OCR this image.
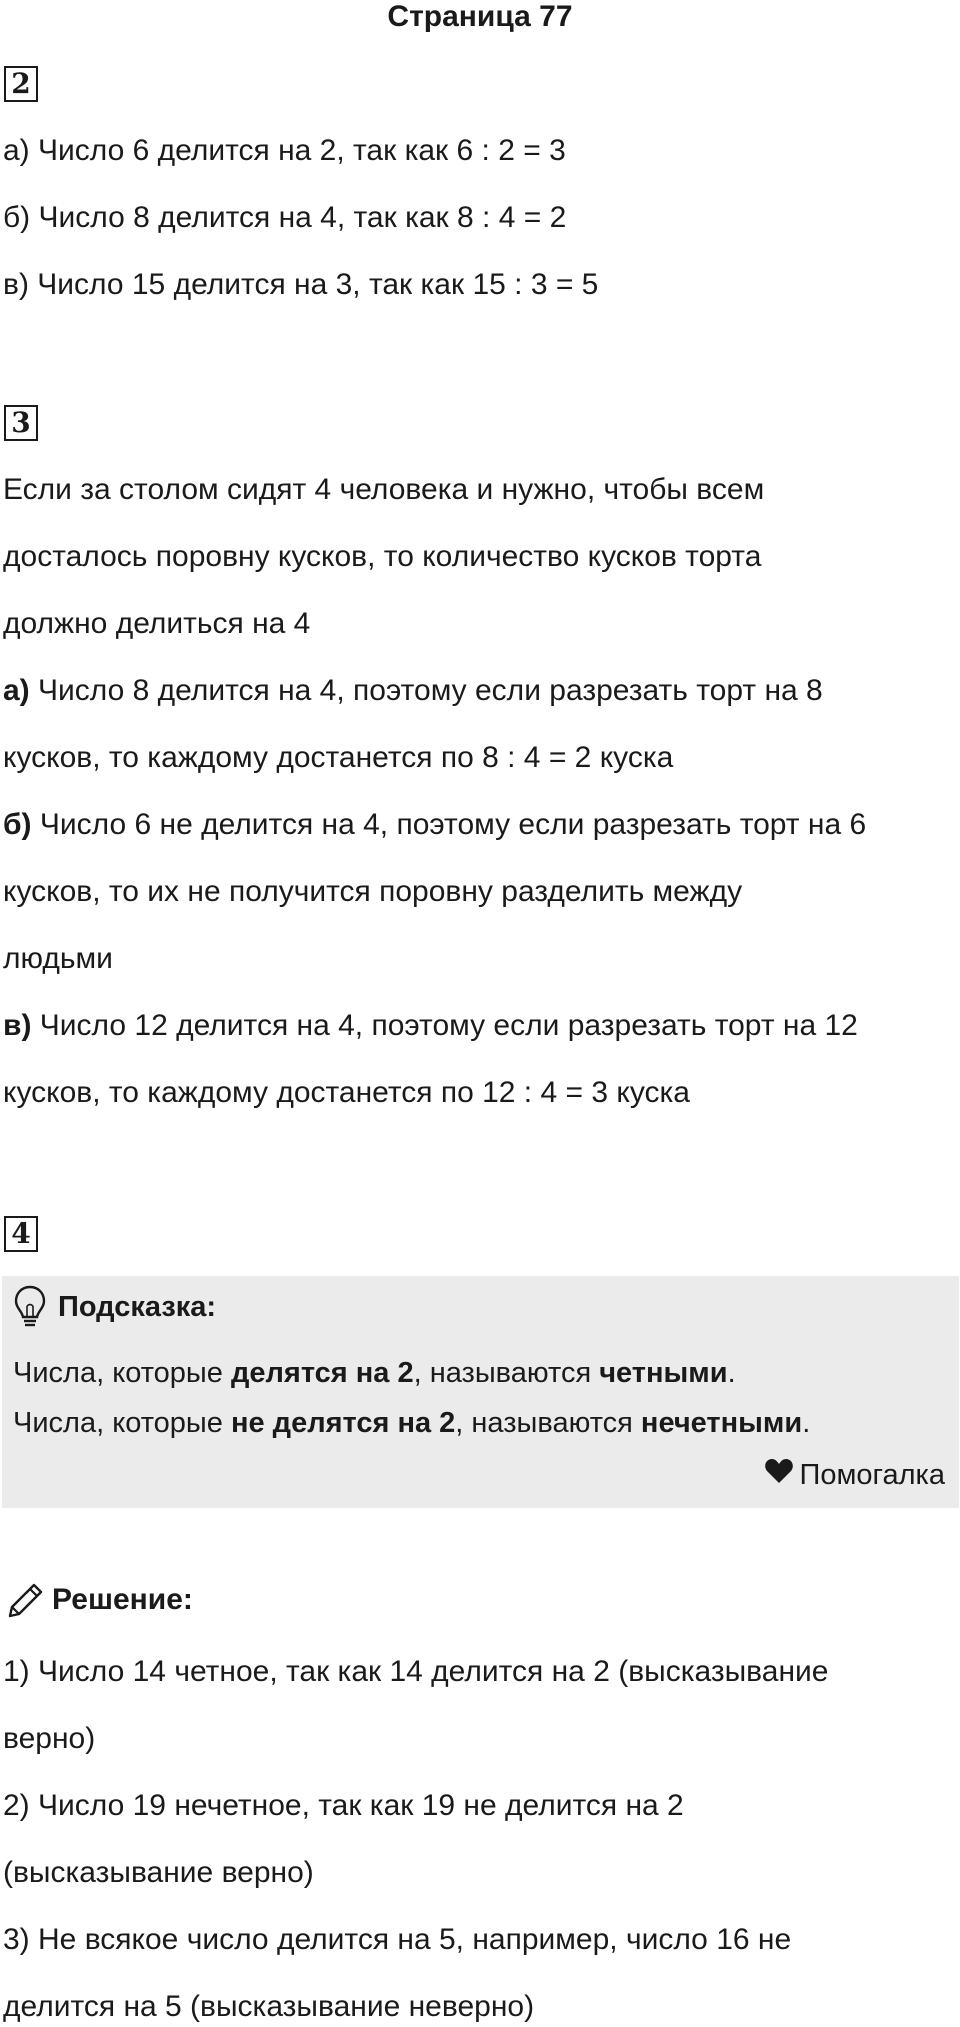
Страница 77
2
а) Число 6 делится на 2, так как 6 : 2 = 3
б) Число 8 делится на 4, так как 8 : 4 = 2
в) Число 15 делится на 3, так как 15 : 3 = 5
3
Если за столом сидят 4 человека и нужно, чтобы всем
досталось поровну кусков, то количество кусков торта
должно делиться на 4
а) Число 8 делится на 4, поэтому если разрезать торт на 8
кусков, то каждому достанется по 8 : 4 = 2 куска
б) Число 6 не делится на 4, поэтому если разрезать торт на 6
кусков, то их не получится поровну разделить между
людьми
в) Число 12 делится на 4, поэтому если разрезать торт на 12
кусков, то каждому достанется по 12 : 4 = 3 куска
4
Подсказка:
Числа, которые делятся на 2, называются четными.
Числа, которые не делятся на 2, называются нечетными.
Помогалка
Решение:
1) Число 14 четное, так как 14 делится на 2 (высказывание
верно)
2) Число 19 нечетное, так как 19 не делится на 2
(высказывание верно)
3) Не всякое число делится на 5, например, число 16 не
делится на 5 (высказывание неверно)
